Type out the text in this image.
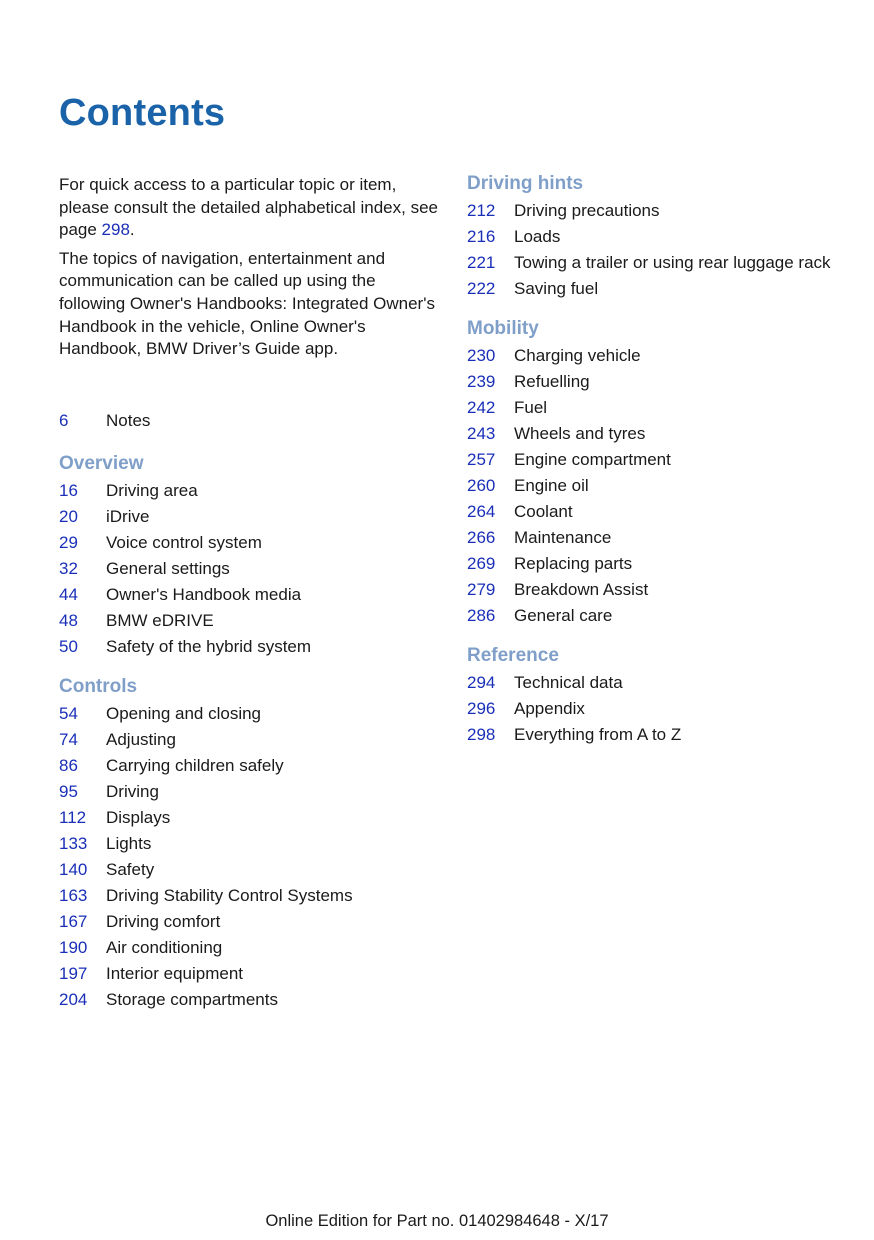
Contents

For quick access to a particular topic or item, please consult the detailed alphabetical index, see page 298.

The topics of navigation, entertainment and communication can be called up using the following Owner's Handbooks: Integrated Owner's Handbook in the vehicle, Online Owner's Handbook, BMW Driver’s Guide app.

6	Notes
Overview
16	Driving area
20	iDrive
29	Voice control system
32	General settings
44	Owner's Handbook media
48	BMW eDRIVE
50	Safety of the hybrid system
Controls
54	Opening and closing
74	Adjusting
86	Carrying children safely
95	Driving
112	Displays
133	Lights
140	Safety
163	Driving Stability Control Systems
167	Driving comfort
190	Air conditioning
197	Interior equipment
204	Storage compartments
Driving hints
212	Driving precautions
216	Loads
221	Towing a trailer or using rear luggage rack
222	Saving fuel
Mobility
230	Charging vehicle
239	Refuelling
242	Fuel
243	Wheels and tyres
257	Engine compartment
260	Engine oil
264	Coolant
266	Maintenance
269	Replacing parts
279	Breakdown Assist
286	General care
Reference
294	Technical data
296	Appendix
298	Everything from A to Z
Online Edition for Part no. 01402984648 - X/17
